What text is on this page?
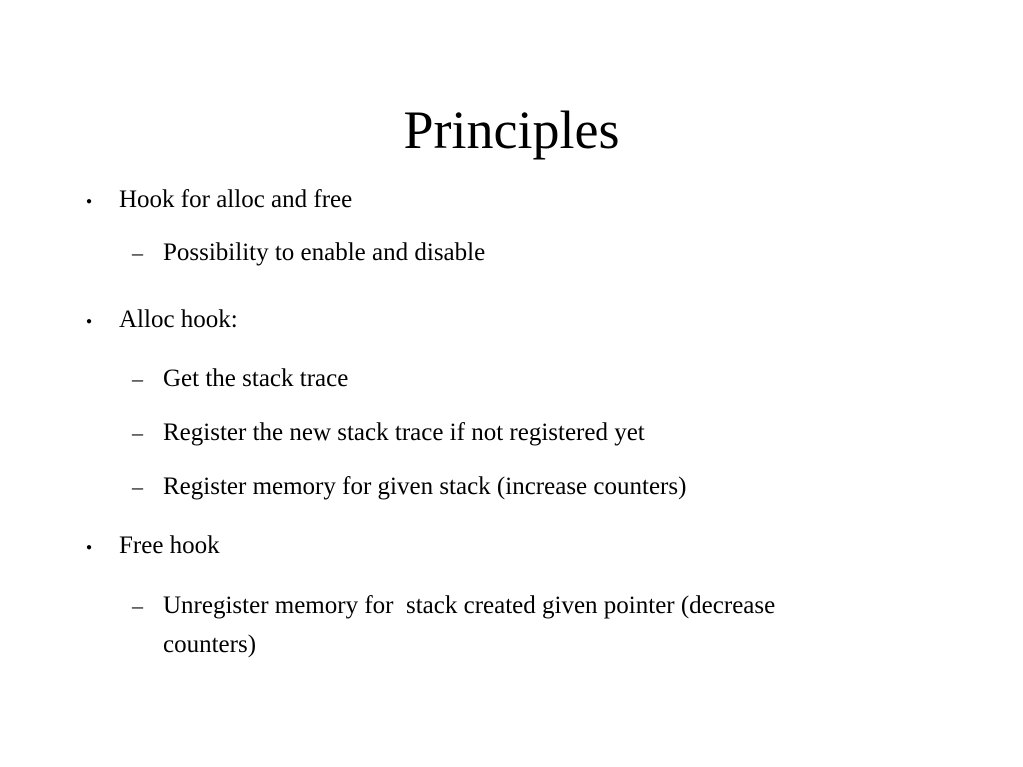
Principles
● Hook for alloc and free
– Possibility to enable and disable
● Alloc hook:
– Get the stack trace
– Register the new stack trace if not registered yet
– Register memory for given stack (increase counters)
● Free hook
– Unregister memory for  stack created given pointer (decrease counters)
